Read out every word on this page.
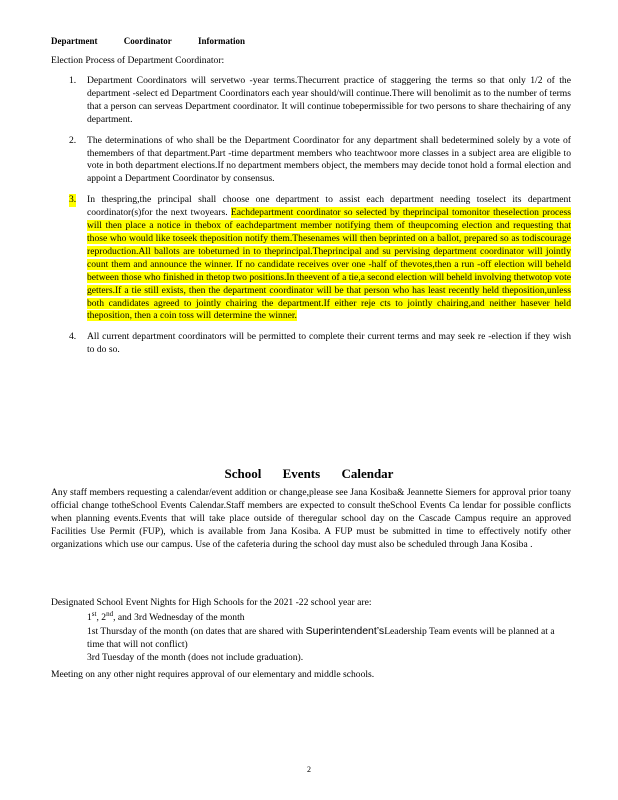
Department	Coordinator	Information
Election Process of Department Coordinator:
1. Department Coordinators will servetwo -year terms.Thecurrent practice of staggering the terms so that only 1/2 of the department -select ed Department Coordinators each year should/will continue.There will benolimit as to the number of terms that a person can serveas Department coordinator. It will continue tobepermissible for two persons to share thechairing of any department.
2. The determinations of who shall be the Department Coordinator for any department shall bedetermined solely by a vote of themembers of that department.Part -time department members who teachtwoor more classes in a subject area are eligible to vote in both department elections.If no department members object, the members may decide tonot hold a formal election and appoint a Department Coordinator by consensus.
3. In thespring,the principal shall choose one department to assist each department needing toselect its department coordinator(s)for the next twoyears. Eachdepartment coordinator so selected by theprincipal tomonitor theselection process will then place a notice in thebox of eachdepartment member notifying them of theupcoming election and requesting that those who would like toseek theposition notify them.Thesenames will then beprinted on a ballot, prepared so as todiscourage reproduction.All ballots are tobeturned in to theprincipal.Theprincipal and su pervising department coordinator will jointly count them and announce the winner. If no candidate receives over one -half of thevotes,then a run -off election will beheld between those who finished in thetop two positions.In theevent of a tie,a second election will beheld involving thetwotop vote getters.If a tie still exists, then the department coordinator will be that person who has least recently held theposition,unless both candidates agreed to jointly chairing the department.If either reje cts to jointly chairing,and neither hasever held theposition, then a coin toss will determine the winner.
4. All current department coordinators will be permitted to complete their current terms and may seek re -election if they wish to do so.
School Events Calendar
Any staff members requesting a calendar/event addition or change,please see Jana Kosiba& Jeannette Siemers for approval prior toany official change totheSchool Events Calendar.Staff members are expected to consult theSchool Events Ca lendar for possible conflicts when planning events.Events that will take place outside of theregular school day on the Cascade Campus require an approved Facilities Use Permit (FUP), which is available from Jana Kosiba. A FUP must be submitted in time to effectively notify other organizations which use our campus. Use of the cafeteria during the school day must also be scheduled through Jana Kosiba .
Designated School Event Nights for High Schools for the 2021 -22 school year are:
1st, 2nd, and 3rd Wednesday of the month
1st Thursday of the month (on dates that are shared with Superintendent’sLeadership Team events will be planned at a time that will not conflict)
3rd Tuesday of the month (does not include graduation).
Meeting on any other night requires approval of our elementary and middle schools.
2
